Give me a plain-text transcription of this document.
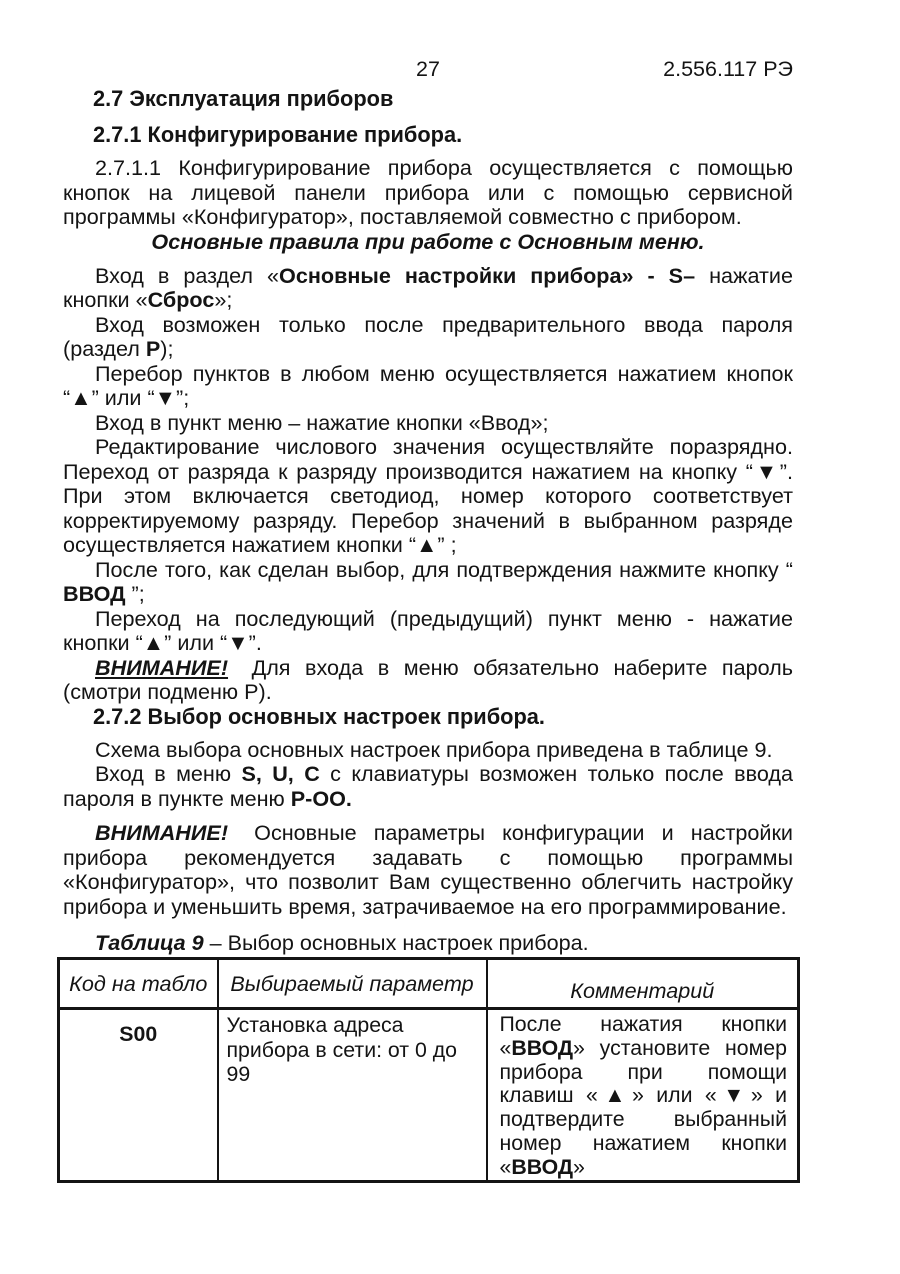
27	2.556.117 РЭ
2.7 Эксплуатация приборов
2.7.1 Конфигурирование прибора.

2.7.1.1 Конфигурирование прибора осуществляется с помощью кнопок на лицевой панели прибора или с помощью сервисной программы «Конфигуратор», поставляемой совместно с прибором.

Основные правила при работе с Основным меню.

Вход в раздел «Основные настройки прибора» - S– нажатие кнопки «Сброс»;

Вход возможен только после предварительного ввода пароля (раздел Р);

Перебор пунктов в любом меню осуществляется нажатием кнопок “▲” или “▼”;

Вход в пункт меню – нажатие кнопки «Ввод»;

Редактирование числового значения осуществляйте поразрядно. Переход от разряда к разряду производится нажатием на кнопку “▼”. При этом включается светодиод, номер которого соответствует корректируемому разряду. Перебор значений в выбранном разряде осуществляется нажатием кнопки “▲” ;

После того, как сделан выбор, для подтверждения нажмите кнопку “ ВВОД ”;

Переход на последующий (предыдущий) пункт меню - нажатие кнопки “▲” или “▼”.

ВНИМАНИЕ! Для входа в меню обязательно наберите пароль (смотри подменю Р).

2.7.2 Выбор основных настроек прибора.

Схема выбора основных настроек прибора приведена в таблице 9.

Вход в меню S, U, C с клавиатуры возможен только после ввода пароля в пункте меню Р-ОО.

ВНИМАНИЕ! Основные параметры конфигурации и настройки прибора рекомендуется задавать с помощью программы «Конфигуратор», что позволит Вам существенно облегчить настройку прибора и уменьшить время, затрачиваемое на его программирование.

Таблица 9 – Выбор основных настроек прибора.

Код на табло	Выбираемый параметр	Комментарий
S00	Установка адреса прибора в сети: от 0 до 99	После нажатия кнопки «ВВОД» установите номер прибора при помощи клавиш «▲» или «▼» и подтвердите выбранный номер нажатием кнопки «ВВОД»
